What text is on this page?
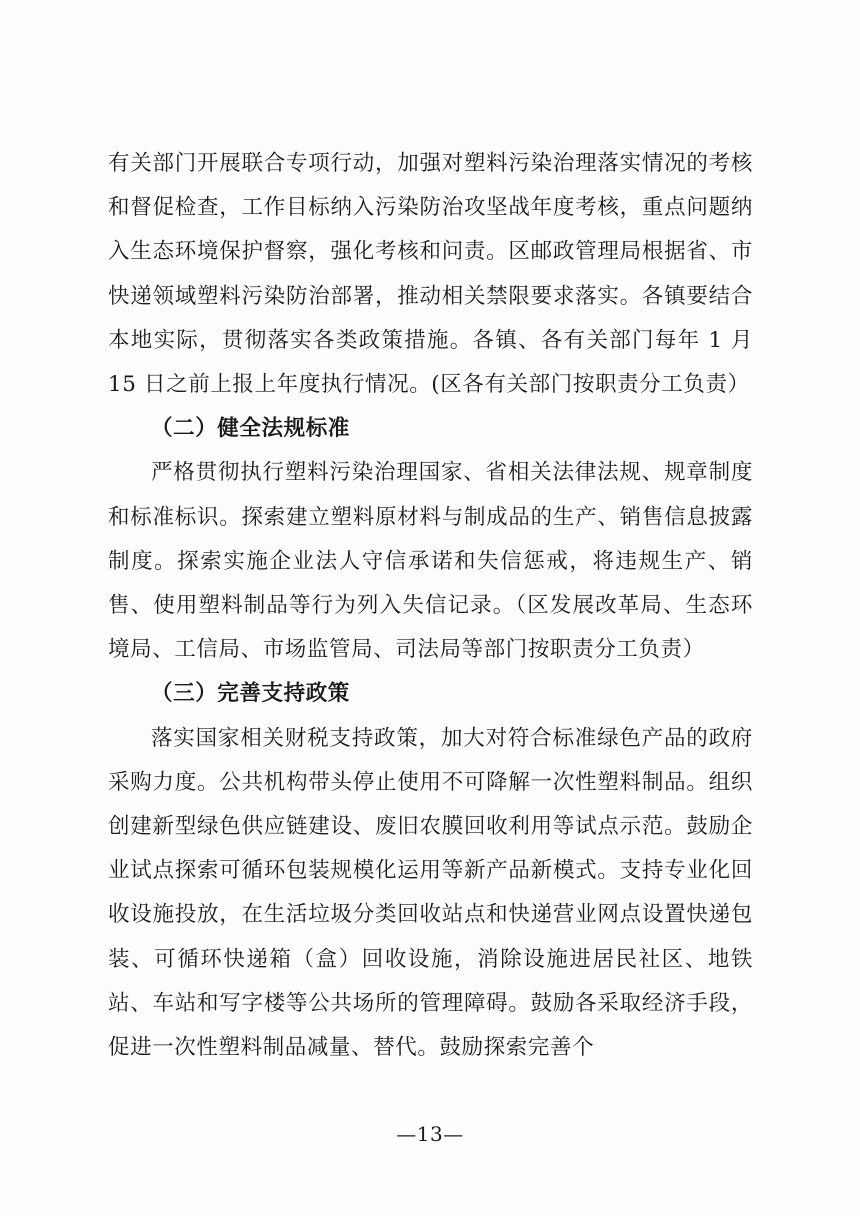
有关部门开展联合专项行动，加强对塑料污染治理落实情况的考核和督促检查，工作目标纳入污染防治攻坚战年度考核，重点问题纳入生态环境保护督察，强化考核和问责。区邮政管理局根据省、市快递领域塑料污染防治部署，推动相关禁限要求落实。各镇要结合本地实际，贯彻落实各类政策措施。各镇、各有关部门每年 1 月 15 日之前上报上年度执行情况。(区各有关部门按职责分工负责）

（二）健全法规标准

严格贯彻执行塑料污染治理国家、省相关法律法规、规章制度和标准标识。探索建立塑料原材料与制成品的生产、销售信息披露制度。探索实施企业法人守信承诺和失信惩戒，将违规生产、销售、使用塑料制品等行为列入失信记录。（区发展改革局、生态环境局、工信局、市场监管局、司法局等部门按职责分工负责）

（三）完善支持政策

落实国家相关财税支持政策，加大对符合标准绿色产品的政府采购力度。公共机构带头停止使用不可降解一次性塑料制品。组织创建新型绿色供应链建设、废旧农膜回收利用等试点示范。鼓励企业试点探索可循环包装规模化运用等新产品新模式。支持专业化回收设施投放，在生活垃圾分类回收站点和快递营业网点设置快递包装、可循环快递箱（盒）回收设施，消除设施进居民社区、地铁站、车站和写字楼等公共场所的管理障碍。鼓励各采取经济手段，促进一次性塑料制品减量、替代。鼓励探索完善个

—13—
